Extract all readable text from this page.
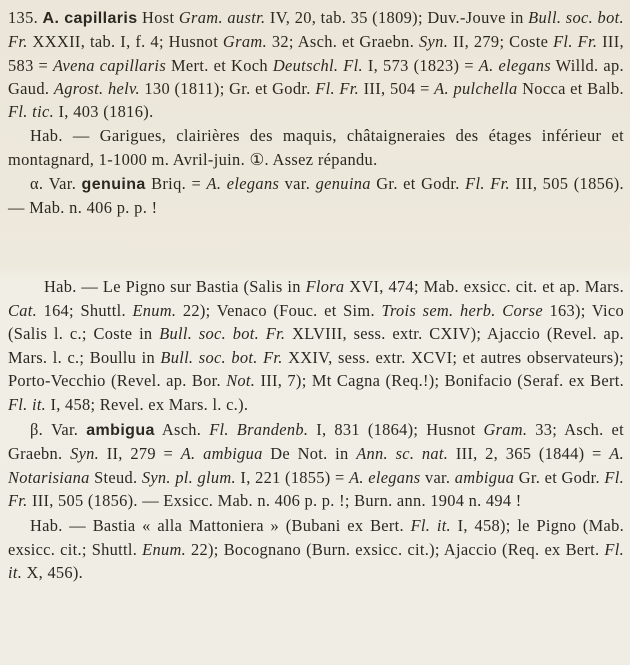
135. A. capillaris Host Gram. austr. IV, 20, tab. 35 (1809); Duv.-Jouve in Bull. soc. bot. Fr. XXXII, tab. I, f. 4; Husnot Gram. 32; Asch. et Graebn. Syn. II, 279; Coste Fl. Fr. III, 583 = Avena capillaris Mert. et Koch Deutschl. Fl. I, 573 (1823) = A. elegans Willd. ap. Gaud. Agrost. helv. 130 (1811); Gr. et Godr. Fl. Fr. III, 504 = A. pulchella Nocca et Balb. Fl. tic. I, 403 (1816).

Hab. — Garigues, clairières des maquis, châtaigneraies des étages inférieur et montagnard, 1-1000 m. Avril-juin. ①. Assez répandu.

α. Var. genuina Briq. = A. elegans var. genuina Gr. et Godr. Fl. Fr. III, 505 (1856). — Mab. n. 406 p. p. !

Hab. — Le Pigno sur Bastia (Salis in Flora XVI, 474; Mab. exsicc. cit. et ap. Mars. Cat. 164; Shuttl. Enum. 22); Venaco (Fouc. et Sim. Trois sem. herb. Corse 163); Vico (Salis l. c.; Coste in Bull. soc. bot. Fr. XLVIII, sess. extr. CXIV); Ajaccio (Revel. ap. Mars. l. c.; Boullu in Bull. soc. bot. Fr. XXIV, sess. extr. XCVI; et autres observateurs); Porto-Vecchio (Revel. ap. Bor. Not. III, 7); Mt Cagna (Req.!); Bonifacio (Seraf. ex Bert. Fl. it. I, 458; Revel. ex Mars. l. c.).

β. Var. ambigua Asch. Fl. Brandenb. I, 831 (1864); Husnot Gram. 33; Asch. et Graebn. Syn. II, 279 = A. ambigua De Not. in Ann. sc. nat. III, 2, 365 (1844) = A. Notarisiana Steud. Syn. pl. glum. I, 221 (1855) = A. elegans var. ambigua Gr. et Godr. Fl. Fr. III, 505 (1856). — Exsicc. Mab. n. 406 p. p. !; Burn. ann. 1904 n. 494 !

Hab. — Bastia « alla Mattoniera » (Bubani ex Bert. Fl. it. I, 458); le Pigno (Mab. exsicc. cit.; Shuttl. Enum. 22); Bocognano (Burn. exsicc. cit.); Ajaccio (Req. ex Bert. Fl. it. X, 456).
